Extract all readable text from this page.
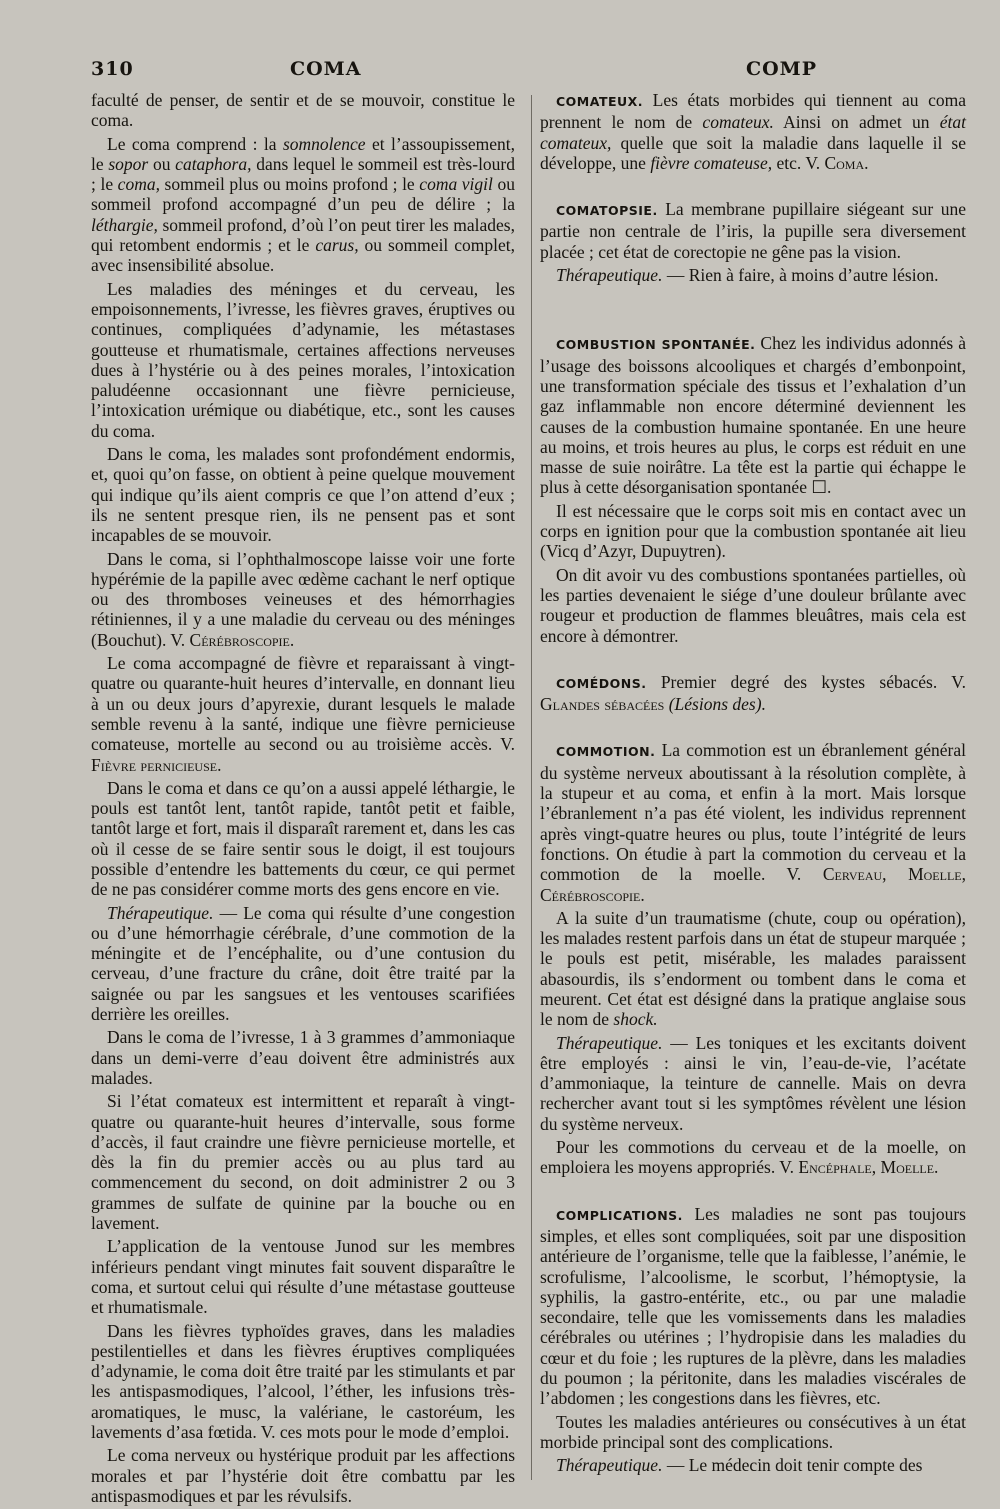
310	COMA	COMP

faculté de penser, de sentir et de se mouvoir, constitue le coma.

Le coma comprend : la somnolence et l’assoupissement, le sopor ou cataphora, dans lequel le sommeil est très-lourd ; le coma, sommeil plus ou moins profond ; le coma vigil ou sommeil profond accompagné d’un peu de délire ; la léthargie, sommeil profond, d’où l’on peut tirer les malades, qui retombent endormis ; et le carus, ou sommeil complet, avec insensibilité absolue.

Les maladies des méninges et du cerveau, les empoisonnements, l’ivresse, les fièvres graves, éruptives ou continues, compliquées d’adynamie, les métastases goutteuse et rhumatismale, certaines affections nerveuses dues à l’hystérie ou à des peines morales, l’intoxication paludéenne occasionnant une fièvre pernicieuse, l’intoxication urémique ou diabétique, etc., sont les causes du coma.

Dans le coma, les malades sont profondément endormis, et, quoi qu’on fasse, on obtient à peine quelque mouvement qui indique qu’ils aient compris ce que l’on attend d’eux ; ils ne sentent presque rien, ils ne pensent pas et sont incapables de se mouvoir.

Dans le coma, si l’ophthalmoscope laisse voir une forte hypérémie de la papille avec œdème cachant le nerf optique ou des thromboses veineuses et des hémorrhagies rétiniennes, il y a une maladie du cerveau ou des méninges (Bouchut). V. Cérébroscopie.

Le coma accompagné de fièvre et reparaissant à vingt-quatre ou quarante-huit heures d’intervalle, en donnant lieu à un ou deux jours d’apyrexie, durant lesquels le malade semble revenu à la santé, indique une fièvre pernicieuse comateuse, mortelle au second ou au troisième accès. V. Fièvre pernicieuse.

Dans le coma et dans ce qu’on a aussi appelé léthargie, le pouls est tantôt lent, tantôt rapide, tantôt petit et faible, tantôt large et fort, mais il disparaît rarement et, dans les cas où il cesse de se faire sentir sous le doigt, il est toujours possible d’entendre les battements du cœur, ce qui permet de ne pas considérer comme morts des gens encore en vie.

Thérapeutique. — Le coma qui résulte d’une congestion ou d’une hémorrhagie cérébrale, d’une commotion de la méningite et de l’encéphalite, ou d’une contusion du cerveau, d’une fracture du crâne, doit être traité par la saignée ou par les sangsues et les ventouses scarifiées derrière les oreilles.

Dans le coma de l’ivresse, 1 à 3 grammes d’ammoniaque dans un demi-verre d’eau doivent être administrés aux malades.

Si l’état comateux est intermittent et reparaît à vingt-quatre ou quarante-huit heures d’intervalle, sous forme d’accès, il faut craindre une fièvre pernicieuse mortelle, et dès la fin du premier accès ou au plus tard au commencement du second, on doit administrer 2 ou 3 grammes de sulfate de quinine par la bouche ou en lavement.

L’application de la ventouse Junod sur les membres inférieurs pendant vingt minutes fait souvent disparaître le coma, et surtout celui qui résulte d’une métastase goutteuse et rhumatismale.

Dans les fièvres typhoïdes graves, dans les maladies pestilentielles et dans les fièvres éruptives compliquées d’adynamie, le coma doit être traité par les stimulants et par les antispasmodiques, l’alcool, l’éther, les infusions très-aromatiques, le musc, la valériane, le castoréum, les lavements d’asa fœtida. V. ces mots pour le mode d’emploi.

Le coma nerveux ou hystérique produit par les affections morales et par l’hystérie doit être combattu par les antispasmodiques et par les révulsifs.

COMATEUX. Les états morbides qui tiennent au coma prennent le nom de comateux. Ainsi on admet un état comateux, quelle que soit la maladie dans laquelle il se développe, une fièvre comateuse, etc. V. Coma.

COMATOPSIE. La membrane pupillaire siégeant sur une partie non centrale de l’iris, la pupille sera diversement placée ; cet état de corectopie ne gêne pas la vision.

Thérapeutique. — Rien à faire, à moins d’autre lésion.

COMBUSTION SPONTANÉE. Chez les individus adonnés à l’usage des boissons alcooliques et chargés d’embonpoint, une transformation spéciale des tissus et l’exhalation d’un gaz inflammable non encore déterminé deviennent les causes de la combustion humaine spontanée. En une heure au moins, et trois heures au plus, le corps est réduit en une masse de suie noirâtre. La tête est la partie qui échappe le plus à cette désorganisation spontanée ☐.

Il est nécessaire que le corps soit mis en contact avec un corps en ignition pour que la combustion spontanée ait lieu (Vicq d’Azyr, Dupuytren).

On dit avoir vu des combustions spontanées partielles, où les parties devenaient le siége d’une douleur brûlante avec rougeur et production de flammes bleuâtres, mais cela est encore à démontrer.

COMÉDONS. Premier degré des kystes sébacés. V. Glandes sébacées (Lésions des).

COMMOTION. La commotion est un ébranlement général du système nerveux aboutissant à la résolution complète, à la stupeur et au coma, et enfin à la mort. Mais lorsque l’ébranlement n’a pas été violent, les individus reprennent après vingt-quatre heures ou plus, toute l’intégrité de leurs fonctions. On étudie à part la commotion du cerveau et la commotion de la moelle. V. Cerveau, Moelle, Cérébroscopie.

A la suite d’un traumatisme (chute, coup ou opération), les malades restent parfois dans un état de stupeur marquée ; le pouls est petit, misérable, les malades paraissent abasourdis, ils s’endorment ou tombent dans le coma et meurent. Cet état est désigné dans la pratique anglaise sous le nom de shock.

Thérapeutique. — Les toniques et les excitants doivent être employés : ainsi le vin, l’eau-de-vie, l’acétate d’ammoniaque, la teinture de cannelle. Mais on devra rechercher avant tout si les symptômes révèlent une lésion du système nerveux.

Pour les commotions du cerveau et de la moelle, on emploiera les moyens appropriés. V. Encéphale, Moelle.

COMPLICATIONS. Les maladies ne sont pas toujours simples, et elles sont compliquées, soit par une disposition antérieure de l’organisme, telle que la faiblesse, l’anémie, le scrofulisme, l’alcoolisme, le scorbut, l’hémoptysie, la syphilis, la gastro-entérite, etc., ou par une maladie secondaire, telle que les vomissements dans les maladies cérébrales ou utérines ; l’hydropisie dans les maladies du cœur et du foie ; les ruptures de la plèvre, dans les maladies du poumon ; la péritonite, dans les maladies viscérales de l’abdomen ; les congestions dans les fièvres, etc.

Toutes les maladies antérieures ou consécutives à un état morbide principal sont des complications.

Thérapeutique. — Le médecin doit tenir compte des
